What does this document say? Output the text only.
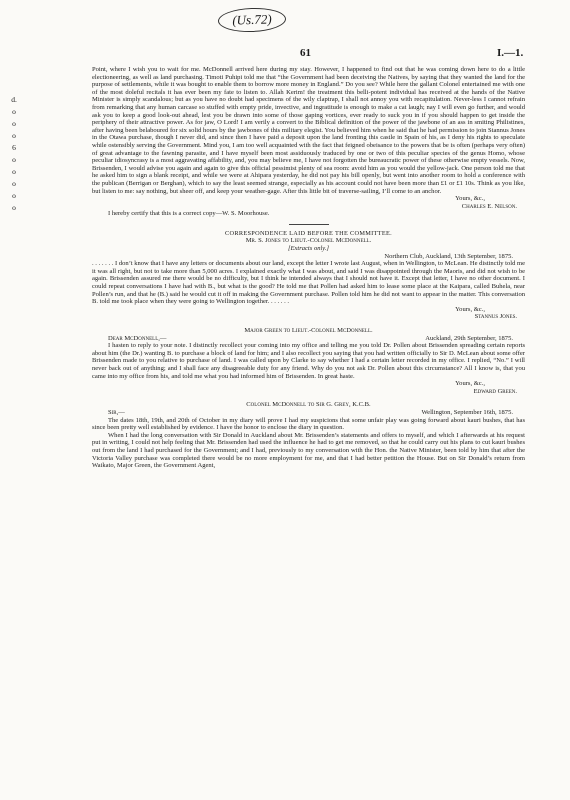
(Us.72)
61	I.—1.
d.
o
o
o
6
o
o
o
o
o

Point, where I wish you to wait for me. McDonnell arrived here during my stay. However, I happened to find out that he was coming down here to do a little electioneering, as well as land purchasing. Timoti Puhipi told me that “the Government had been deceiving the Natives, by saying that they wanted the land for the purpose of settlements, while it was bought to enable them to borrow more money in England.” Do you see? While here the gallant Colonel entertained me with one of the most doleful recitals it has ever been my fate to listen to. Allah Kerim! the treatment this belli-potent individual has received at the hands of the Native Minister is simply scandalous; but as you have no doubt had specimens of the wily claptrap, I shall not annoy you with recapitulation. Never-less I cannot refrain from remarking that any human carcase so stuffed with empty pride, invective, and ingratitude is enough to make a cat laugh; nay I will even go further, and would ask you to keep a good look-out ahead, lest you be drawn into some of those gaping vortices, ever ready to suck you in if you should happen to get inside the periphery of their attractive power. As for jaw, O Lord! I am verily a convert to the Biblical definition of the power of the jawbone of an ass in smiting Philistines, after having been belaboured for six solid hours by the jawbones of this military elegist. You believed him when he said that he had permission to join Stannus Jones in the Otawa purchase, though I never did, and since then I have paid a deposit upon the land fronting this castle in Spain of his, as I deny his rights to speculate while ostensibly serving the Government. Mind you, I am too well acquainted with the fact that feigned obeisance to the powers that be is often (perhaps very often) of great advantage to the fawning parasite, and I have myself been most assiduously traduced by one or two of this peculiar species of the genus Homo, whose peculiar idiosyncrasy is a most aggravating affability, and, you may believe me, I have not forgotten the bureaucratic power of these otherwise empty vessels. Now, Brissenden, I would advise you again and again to give this official pessimist plenty of sea room: avoid him as you would the yellow-jack. One person told me that he asked him to sign a blank receipt, and while we were at Ahipara yesterday, he did not pay his bill openly, but went into another room to hold a conference with the publican (Berrigan or Berghan), which to say the least seemed strange, especially as his account could not have been more than £1 or £1 10s. Think as you like, but listen to me: say nothing, but sheer off, and keep your weather-gage. After this little bit of traverse-sailing, I’ll come to an anchor.

Yours, &c.,

Charles E. Nelson.

I hereby certify that this is a correct copy—W. S. Moorhouse.

CORRESPONDENCE LAID BEFORE THE COMMITTEE.

Mr. S. Jones to Lieut.-Colonel McDonnell.

[Extracts only.]

Northern Club, Auckland, 13th September, 1875.

. . . . . . . I don’t know that I have any letters or documents about our land, except the letter I wrote last August, when in Wellington, to McLean. He distinctly told me it was all right, but not to take more than 5,000 acres. I explained exactly what I was about, and said I was disappointed through the Maoris, and did not wish to be again. Brissenden assured me there would be no difficulty, but I think he intended always that I should not have it. Except that letter, I have no other document. I could repeat conversations I have had with B., but what is the good? He told me that Pollen had asked him to lease some place at the Kaipara, called Buhela, near Pollen’s run, and that he (B.) said he would cut it off in making the Government purchase. Pollen told him he did not want to appear in the matter. This conversation B. told me took place when they were going to Wellington together. . . . . . .

Yours, &c.,

Stannus Jones.

Major Green to Lieut.-Colonel McDonnell.

Dear McDonnell,—	Auckland, 29th September, 1875.

I hasten to reply to your note. I distinctly recollect your coming into my office and telling me you told Dr. Pollen about Brissenden spreading certain reports about him (the Dr.) wanting B. to purchase a block of land for him; and I also recollect you saying that you had written officially to Sir D. McLean about some offer Brissenden made to you relative to purchase of land. I was called upon by Clarke to say whether I had a certain letter recorded in my office. I replied, “No.” I will never back out of anything; and I shall face any disagreeable duty for any friend. Why do you not ask Dr. Pollen about this circumstance? All I know is, that you came into my office from his, and told me what you had informed him of Brissenden. In great haste.

Yours, &c.,

Edward Green.

Colonel McDonnell to Sir G. Grey, K.C.B.

Sir,—	Wellington, September 16th, 1875.

The dates 18th, 19th, and 20th of October in my diary will prove I had my suspicions that some unfair play was going forward about kauri bushes, that has since been pretty well established by evidence. I have the honor to enclose the diary in question.

When I had the long conversation with Sir Donald in Auckland about Mr. Brissenden’s statements and offers to myself, and which I afterwards at his request put in writing, I could not help feeling that Mr. Brissenden had used the influence he had to get me removed, so that he could carry out his plans to cut kauri bushes out from the land I had purchased for the Government; and I had, previously to my conversation with the Hon. the Native Minister, been told by him that after the Victoria Valley purchase was completed there would be no more employment for me, and that I had better petition the House. But on Sir Donald’s return from Waikato, Major Green, the Government Agent,
